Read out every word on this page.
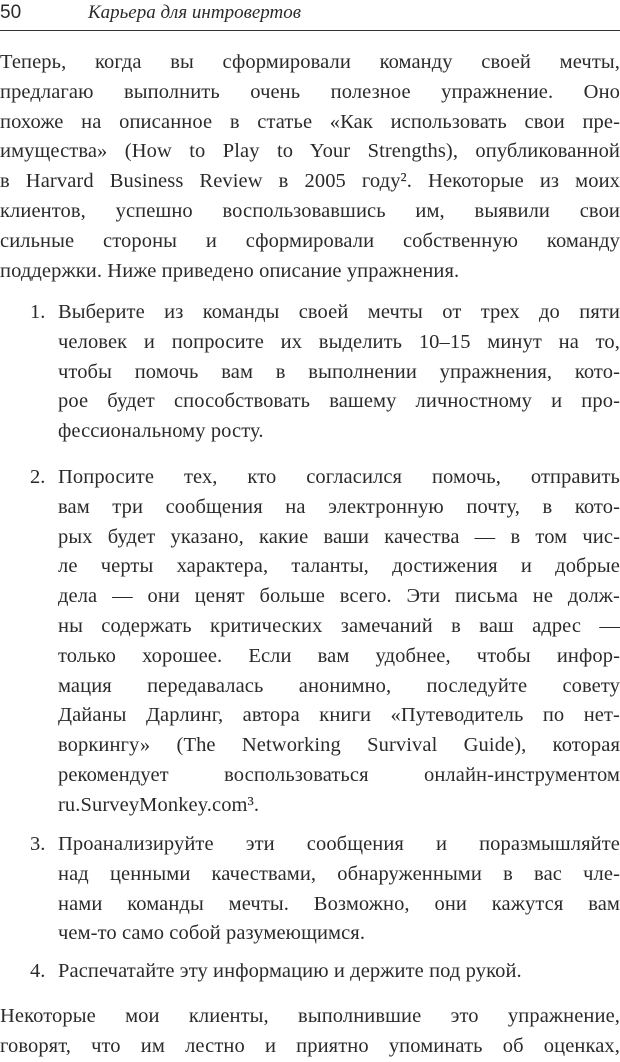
50	Карьера для интровертов
Теперь, когда вы сформировали команду своей мечты,
предлагаю выполнить очень полезное упражнение. Оно
похоже на описанное в статье «Как использовать свои пре-
имущества» (How to Play to Your Strengths), опубликованной
в Harvard Business Review в 2005 году². Некоторые из моих
клиентов, успешно воспользовавшись им, выявили свои
сильные стороны и сформировали собственную команду
поддержки. Ниже приведено описание упражнения.
1. Выберите из команды своей мечты от трех до пяти
человек и попросите их выделить 10–15 минут на то,
чтобы помочь вам в выполнении упражнения, кото-
рое будет способствовать вашему личностному и про-
фессиональному росту.
2. Попросите тех, кто согласился помочь, отправить
вам три сообщения на электронную почту, в кото-
рых будет указано, какие ваши качества — в том чис-
ле черты характера, таланты, достижения и добрые
дела — они ценят больше всего. Эти письма не долж-
ны содержать критических замечаний в ваш адрес —
только хорошее. Если вам удобнее, чтобы инфор-
мация передавалась анонимно, последуйте совету
Дайаны Дарлинг, автора книги «Путеводитель по нет-
воркингу» (The Networking Survival Guide), которая
рекомендует воспользоваться онлайн-инструментом
ru.SurveyMonkey.com³.
3. Проанализируйте эти сообщения и поразмышляйте
над ценными качествами, обнаруженными в вас чле-
нами команды мечты. Возможно, они кажутся вам
чем-то само собой разумеющимся.
4. Распечатайте эту информацию и держите под рукой.
Некоторые мои клиенты, выполнившие это упражнение,
говорят, что им лестно и приятно упоминать об оценках,
